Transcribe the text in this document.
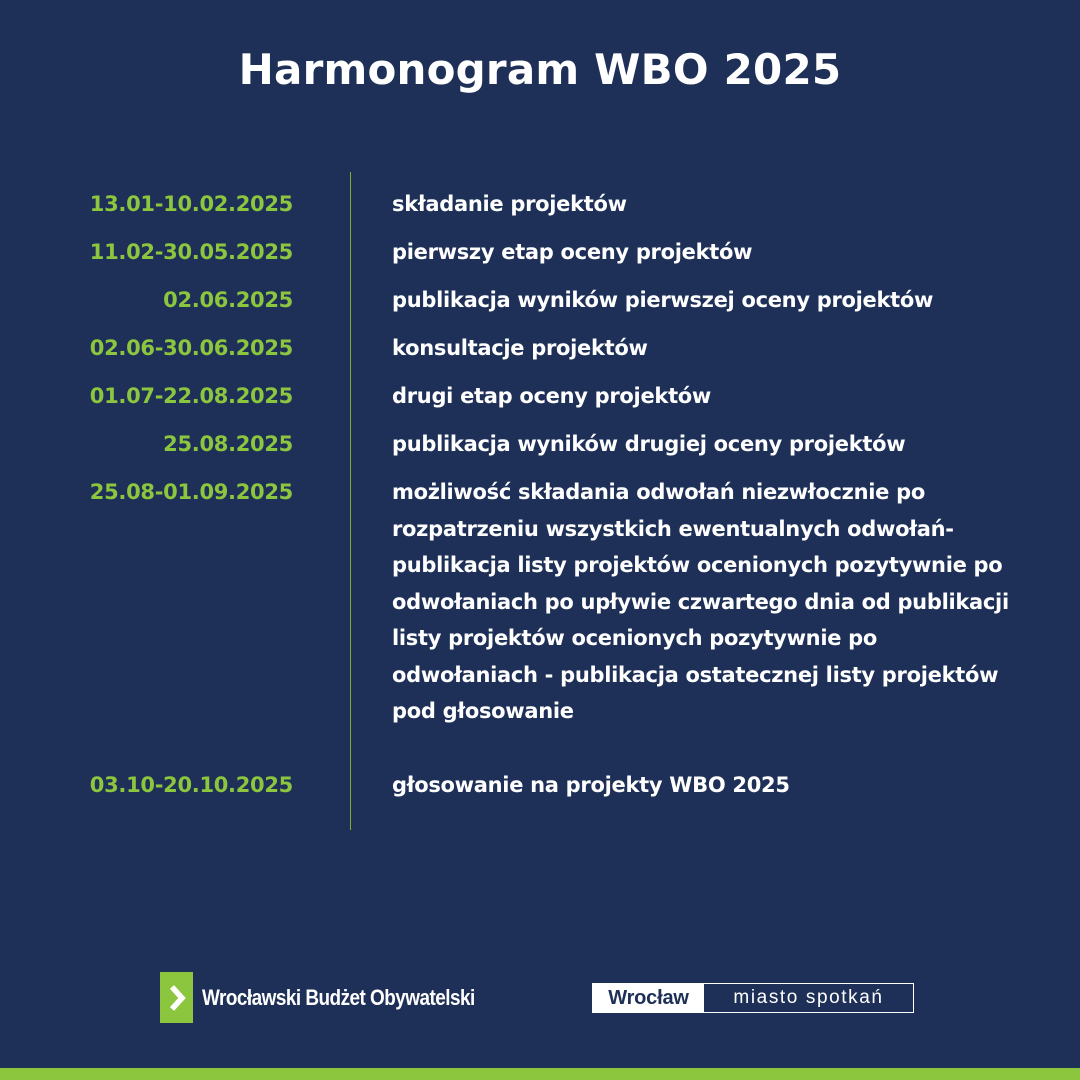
Harmonogram WBO 2025
13.01-10.02.2025	składanie projektów
11.02-30.05.2025	pierwszy etap oceny projektów
02.06.2025	publikacja wyników pierwszej oceny projektów
02.06-30.06.2025	konsultacje projektów
01.07-22.08.2025	drugi etap oceny projektów
25.08.2025	publikacja wyników drugiej oceny projektów
25.08-01.09.2025	możliwość składania odwołań niezwłocznie po rozpatrzeniu wszystkich ewentualnych odwołań- publikacja listy projektów ocenionych pozytywnie po odwołaniach po upływie czwartego dnia od publikacji listy projektów ocenionych pozytywnie po odwołaniach - publikacja ostatecznej listy projektów pod głosowanie
03.10-20.10.2025	głosowanie na projekty WBO 2025
Wrocławski Budżet Obywatelski	Wrocław	miasto spotkań
